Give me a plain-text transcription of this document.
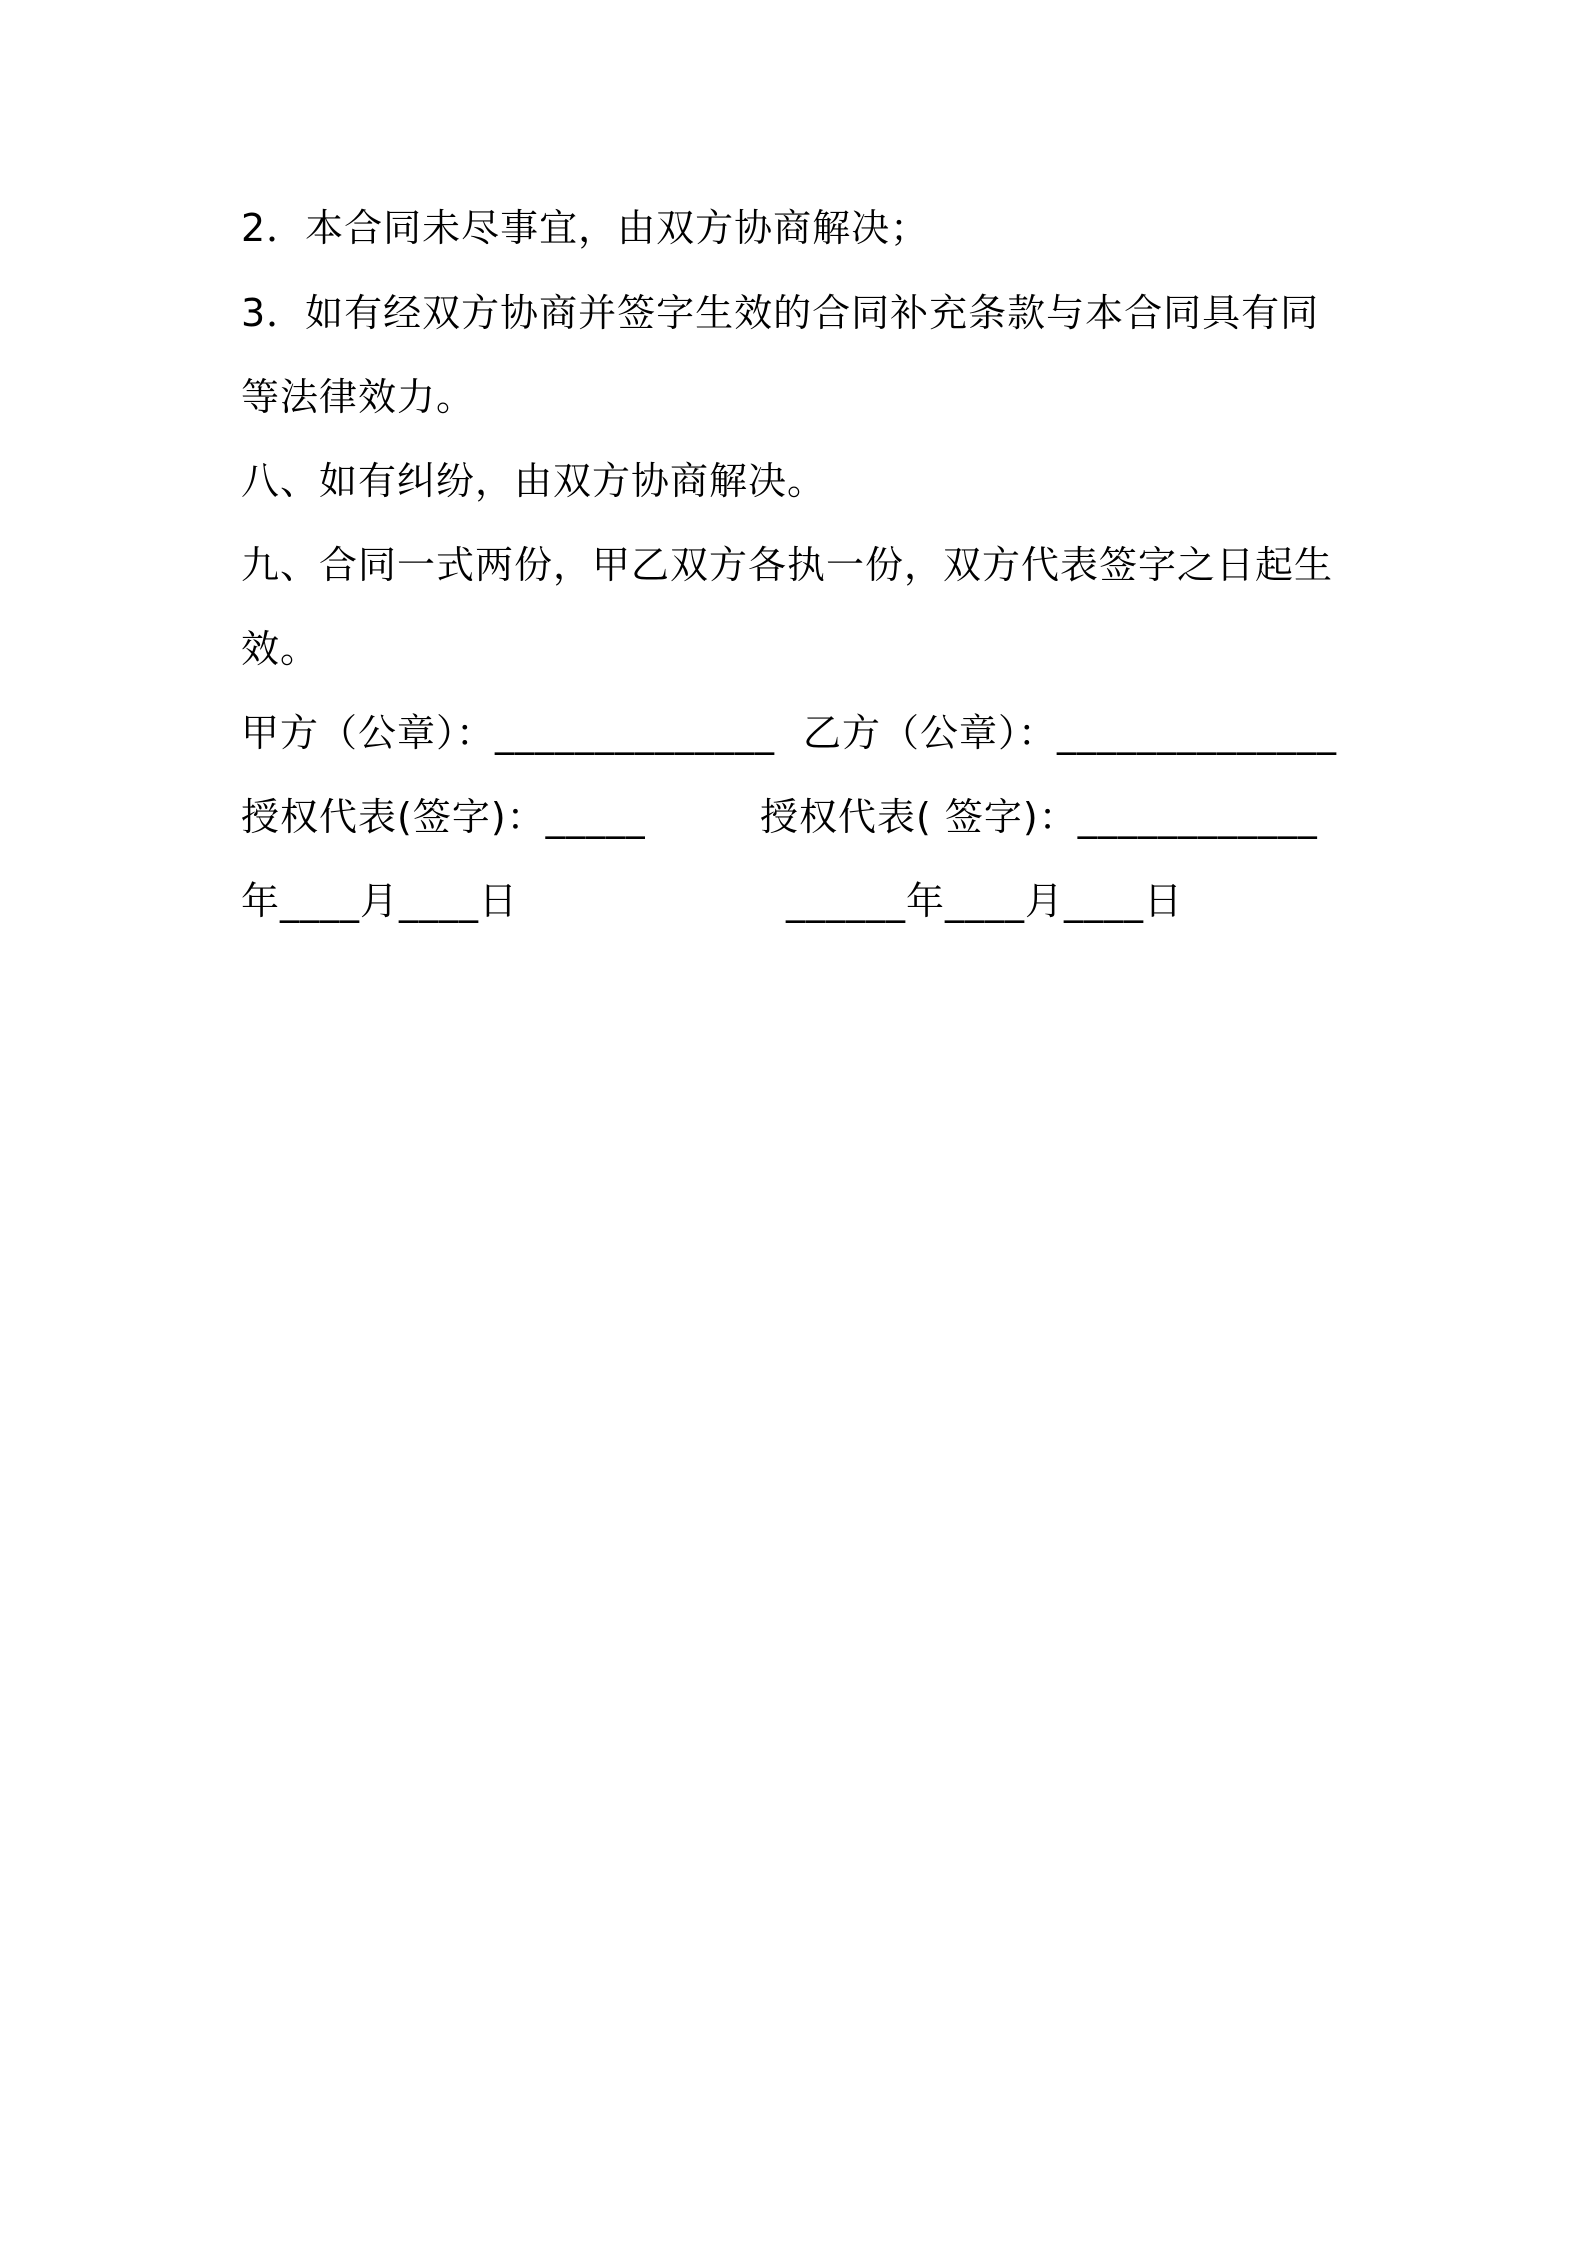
2．本合同未尽事宜，由双方协商解决；
3．如有经双方协商并签字生效的合同补充条款与本合同具有同
等法律效力。
八、如有纠纷，由双方协商解决。
九、合同一式两份，甲乙双方各执一份，双方代表签字之日起生
效。
甲方（公章）：______________ 乙方（公章）：______________
授权代表(签字)：_____	授权代表( 签字)：____________
年____月____日	______年____月____日
